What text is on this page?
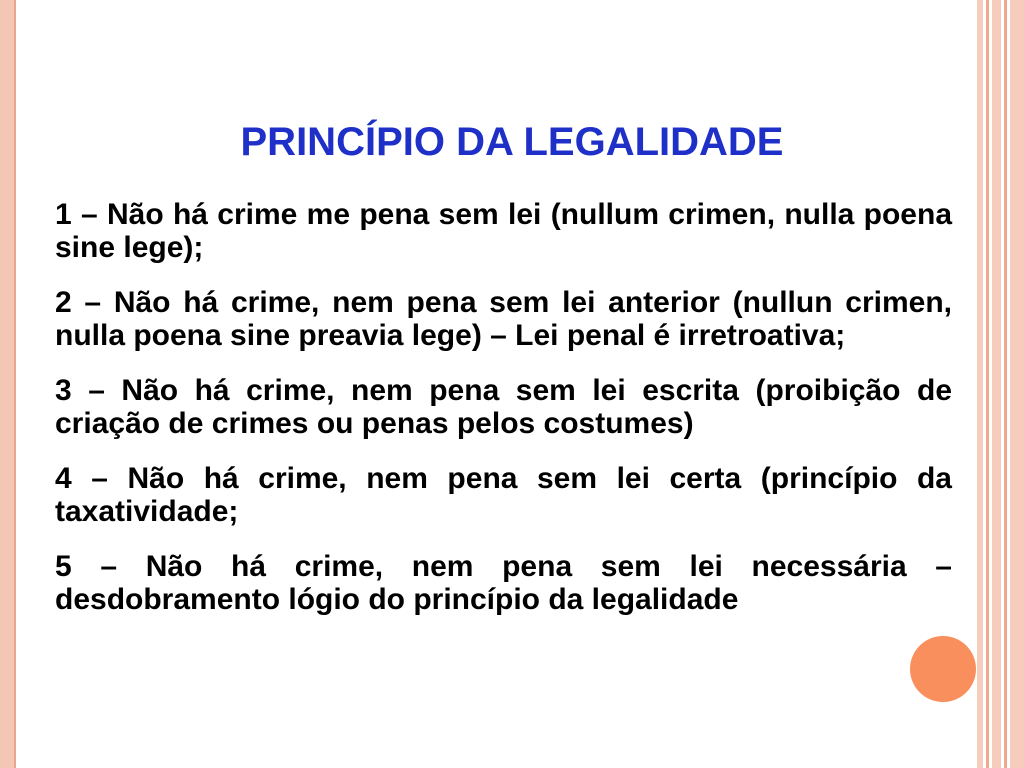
PRINCÍPIO DA LEGALIDADE

1 – Não há crime me pena sem lei (nullum crimen, nulla poena sine lege);

2 – Não há crime, nem pena sem lei anterior (nullun crimen, nulla poena sine preavia lege) – Lei penal é irretroativa;

3 – Não há crime, nem pena sem lei escrita (proibição de criação de crimes ou penas pelos costumes)

4 – Não há crime, nem pena sem lei certa (princípio da taxatividade;

5 – Não há crime, nem pena sem lei necessária – desdobramento lógio do princípio da legalidade
